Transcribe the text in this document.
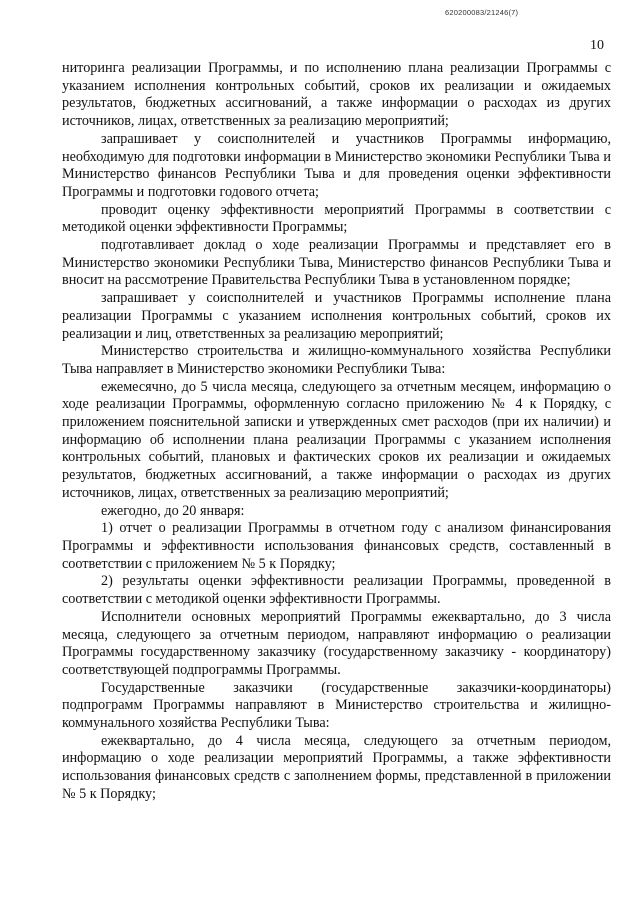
620200083/21246(7)
10

ниторинга реализации Программы, и по исполнению плана реализации Программы с указанием исполнения контрольных событий, сроков их реализации и ожидаемых результатов, бюджетных ассигнований, а также информации о расходах из других источников, лицах, ответственных за реализацию мероприятий;

запрашивает у соисполнителей и участников Программы информацию, необходимую для подготовки информации в Министерство экономики Республики Тыва и Министерство финансов Республики Тыва и для проведения оценки эффективности Программы и подготовки годового отчета;

проводит оценку эффективности мероприятий Программы в соответствии с методикой оценки эффективности Программы;

подготавливает доклад о ходе реализации Программы и представляет его в Министерство экономики Республики Тыва, Министерство финансов Республики Тыва и вносит на рассмотрение Правительства Республики Тыва в установленном порядке;

запрашивает у соисполнителей и участников Программы исполнение плана реализации Программы с указанием исполнения контрольных событий, сроков их реализации и лиц, ответственных за реализацию мероприятий;

Министерство строительства и жилищно-коммунального хозяйства Республики Тыва направляет в Министерство экономики Республики Тыва:

ежемесячно, до 5 числа месяца, следующего за отчетным месяцем, информацию о ходе реализации Программы, оформленную согласно приложению № 4 к Порядку, с приложением пояснительной записки и утвержденных смет расходов (при их наличии) и информацию об исполнении плана реализации Программы с указанием исполнения контрольных событий, плановых и фактических сроков их реализации и ожидаемых результатов, бюджетных ассигнований, а также информации о расходах из других источников, лицах, ответственных за реализацию мероприятий;

ежегодно, до 20 января:

1) отчет о реализации Программы в отчетном году с анализом финансирования Программы и эффективности использования финансовых средств, составленный в соответствии с приложением № 5 к Порядку;

2) результаты оценки эффективности реализации Программы, проведенной в соответствии с методикой оценки эффективности Программы.

Исполнители основных мероприятий Программы ежеквартально, до 3 числа месяца, следующего за отчетным периодом, направляют информацию о реализации Программы государственному заказчику (государственному заказчику - координатору) соответствующей подпрограммы Программы.

Государственные заказчики (государственные заказчики-координаторы) подпрограмм Программы направляют в Министерство строительства и жилищно-коммунального хозяйства Республики Тыва:

ежеквартально, до 4 числа месяца, следующего за отчетным периодом, информацию о ходе реализации мероприятий Программы, а также эффективности использования финансовых средств с заполнением формы, представленной в приложении № 5 к Порядку;
